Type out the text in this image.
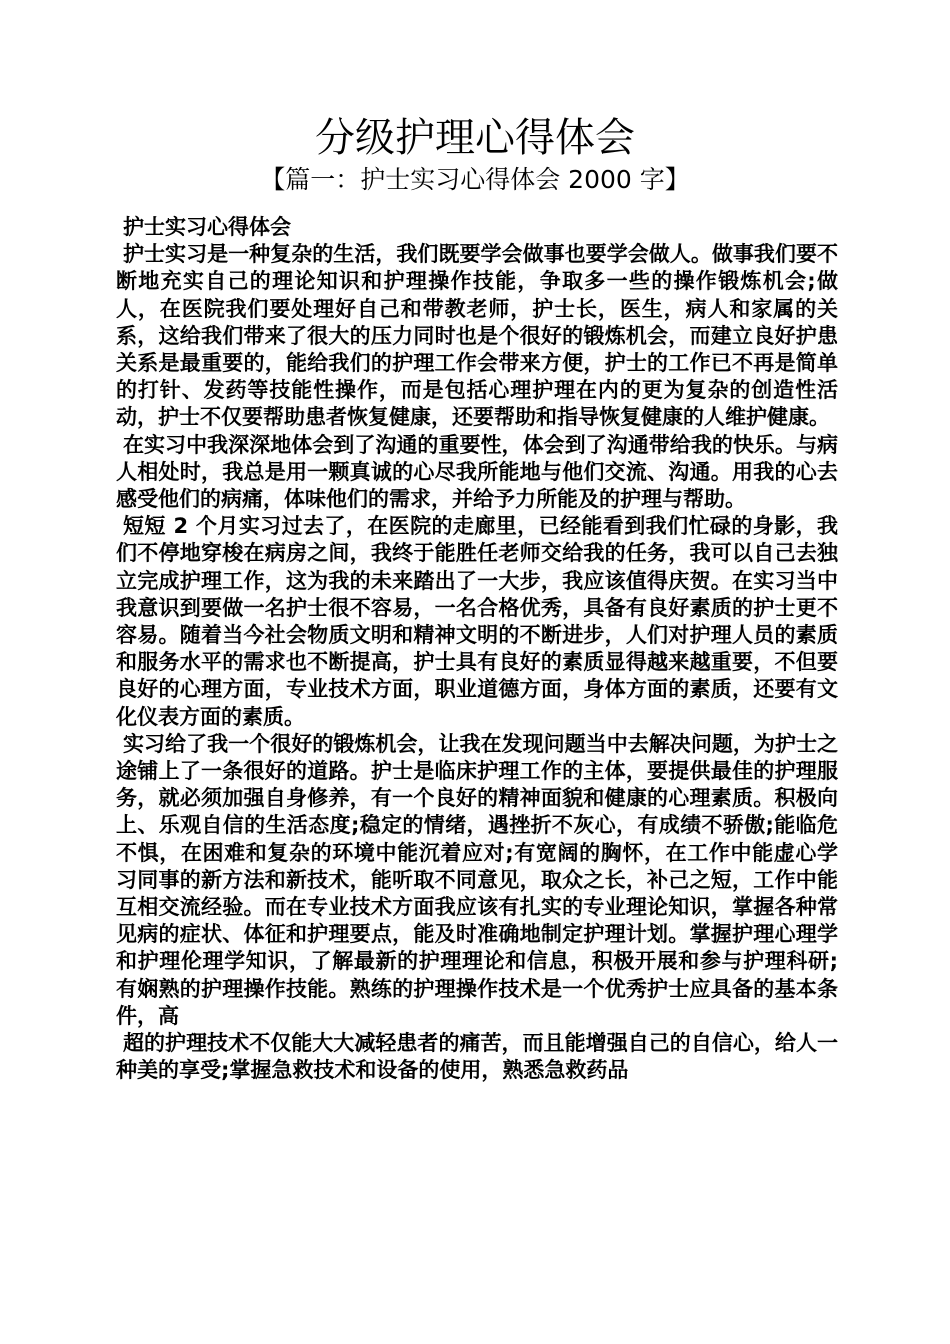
分级护理心得体会
【篇一：护士实习心得体会 2000 字】

护士实习心得体会

护士实习是一种复杂的生活，我们既要学会做事也要学会做人。做事我们要不断地充实自己的理论知识和护理操作技能，争取多一些的操作锻炼机会;做人，在医院我们要处理好自己和带教老师，护士长，医生，病人和家属的关系，这给我们带来了很大的压力同时也是个很好的锻炼机会，而建立良好护患关系是最重要的，能给我们的护理工作会带来方便，护士的工作已不再是简单的打针、发药等技能性操作，而是包括心理护理在内的更为复杂的创造性活动，护士不仅要帮助患者恢复健康，还要帮助和指导恢复健康的人维护健康。

在实习中我深深地体会到了沟通的重要性，体会到了沟通带给我的快乐。与病人相处时，我总是用一颗真诚的心尽我所能地与他们交流、沟通。用我的心去感受他们的病痛，体味他们的需求，并给予力所能及的护理与帮助。

短短 2 个月实习过去了，在医院的走廊里，已经能看到我们忙碌的身影，我们不停地穿梭在病房之间，我终于能胜任老师交给我的任务，我可以自己去独立完成护理工作，这为我的未来踏出了一大步，我应该值得庆贺。在实习当中我意识到要做一名护士很不容易，一名合格优秀，具备有良好素质的护士更不容易。随着当今社会物质文明和精神文明的不断进步，人们对护理人员的素质和服务水平的需求也不断提高，护士具有良好的素质显得越来越重要，不但要良好的心理方面，专业技术方面，职业道德方面，身体方面的素质，还要有文化仪表方面的素质。

实习给了我一个很好的锻炼机会，让我在发现问题当中去解决问题，为护士之途铺上了一条很好的道路。护士是临床护理工作的主体，要提供最佳的护理服务，就必须加强自身修养，有一个良好的精神面貌和健康的心理素质。积极向上、乐观自信的生活态度;稳定的情绪，遇挫折不灰心，有成绩不骄傲;能临危不惧，在困难和复杂的环境中能沉着应对;有宽阔的胸怀，在工作中能虚心学习同事的新方法和新技术，能听取不同意见，取众之长，补己之短，工作中能互相交流经验。而在专业技术方面我应该有扎实的专业理论知识，掌握各种常见病的症状、体征和护理要点，能及时准确地制定护理计划。掌握护理心理学和护理伦理学知识，了解最新的护理理论和信息，积极开展和参与护理科研;有娴熟的护理操作技能。熟练的护理操作技术是一个优秀护士应具备的基本条件，高

超的护理技术不仅能大大减轻患者的痛苦，而且能增强自己的自信心，给人一种美的享受;掌握急救技术和设备的使用，熟悉急救药品
